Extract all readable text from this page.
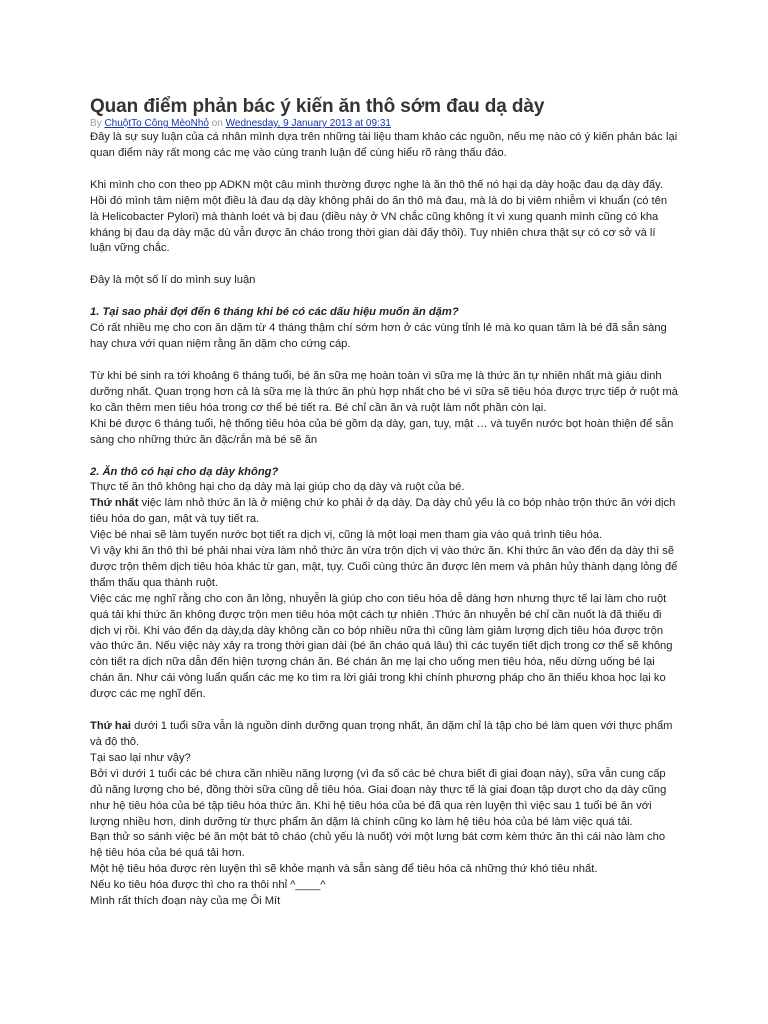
Quan điểm phản bác ý kiến ăn thô sớm đau dạ dày
By ChuộtTo Công MèoNhỏ on Wednesday, 9 January 2013 at 09:31

Đây là sự suy luận của cá nhân mình dựa trên những tài liệu tham khảo các nguồn, nếu mẹ nào có ý kiến phản bác lại quan điểm này rất mong các mẹ vào cùng tranh luận để cùng hiểu rõ ràng thấu đáo.

Khi mình cho con theo pp ADKN một câu mình thường được nghe là ăn thô thế nó hại dạ dày hoặc đau dạ dày đấy. Hồi đó mình tâm niệm một điều là đau dạ dày không phải do ăn thô mà đau, mà là do bị viêm nhiễm vi khuẩn (có tên là Helicobacter Pylori) mà thành loét và bị đau (điều này ở VN chắc cũng không ít vì xung quanh mình cũng có kha kháng bị đau dạ dày mặc dù vẫn được ăn cháo trong thời gian dài đấy thôi). Tuy nhiên chưa thật sự có cơ sở và lí luận vững chắc.

Đây là một số lí do mình suy luận

1. Tại sao phải đợi đến 6 tháng khi bé có các dấu hiệu muốn ăn dặm?

Có rất nhiều mẹ cho con ăn dặm từ 4 tháng thậm chí sớm hơn ở các vùng tỉnh lẻ mà ko quan tâm là bé đã sẵn sàng hay chưa với quan niệm rằng ăn dặm cho cứng cáp.

Từ khi bé sinh ra tới khoảng 6 tháng tuổi, bé ăn sữa mẹ hoàn toàn vì sữa mẹ là thức ăn tự nhiên nhất mà giàu dinh dưỡng nhất. Quan trọng hơn cả là sữa mẹ là thức ăn phù hợp nhất cho bé vì sữa sẽ tiêu hóa được trực tiếp ở ruột mà ko cần thêm men tiêu hóa trong cơ thể bé tiết ra. Bé chỉ cần ăn và ruột làm nốt phần còn lại.

Khi bé được 6 tháng tuổi, hệ thống tiêu hóa của bé gồm dạ dày, gan, tụy, mật … và tuyến nước bọt hoàn thiện để sẵn sàng cho những thức ăn đặc/rắn mà bé sẽ ăn

2. Ăn thô có hại cho dạ dày không?

Thực tế ăn thô không hại cho dạ dày mà lại giúp cho dạ dày và ruột của bé.

Thứ nhất việc làm nhỏ thức ăn là ở miệng chứ ko phải ở dạ dày. Dạ dày chủ yếu là co bóp nhào trộn thức ăn với dịch tiêu hóa do gan, mật và tụy tiết ra.

Việc bé nhai sẽ làm tuyến nước bọt tiết ra dịch vị, cũng là một loại men tham gia vào quá trình tiêu hóa.

Vì vậy khi ăn thô thì bé phải nhai vừa làm nhỏ thức ăn vừa trộn dịch vị vào thức ăn. Khi thức ăn vào đến dạ dày thì sẽ được trộn thêm dịch tiêu hóa khác từ gan, mật, tụy. Cuối cùng thức ăn được lên mem và phân hủy thành dạng lỏng để thẩm thấu qua thành ruột.

Việc các mẹ nghĩ rằng cho con ăn lỏng, nhuyễn là giúp cho con tiêu hóa dễ dàng hơn nhưng thực tế lại làm cho ruột quá tải khi thức ăn không được trộn men tiêu hóa một cách tự nhiên .Thức ăn nhuyễn bé chỉ cần nuốt là đã thiếu đi dịch vị rồi. Khi vào đến dạ dày,dạ dày không cần co bóp nhiều nữa thì cũng làm giảm lượng dịch tiêu hóa được trộn vào thức ăn. Nếu việc này xảy ra trong thời gian dài (bé ăn cháo quá lâu) thì các tuyến tiết dịch trong cơ thể sẽ không còn tiết ra dịch nữa dẫn đến hiện tượng chán ăn. Bé chán ăn mẹ lại cho uống men tiêu hóa, nếu dừng uống bé lại chán ăn. Như cái vòng luẩn quẩn các mẹ ko tìm ra lời giải trong khi chính phương pháp cho ăn thiếu khoa học lại ko được các mẹ nghĩ đến.

Thứ hai dưới 1 tuổi sữa vẫn là nguồn dinh dưỡng quan trọng nhất, ăn dặm chỉ là tập cho bé làm quen với thực phẩm và độ thô.

Tại sao lại như vậy?

Bởi vì dưới 1 tuổi các bé chưa cần nhiều năng lượng (vì đa số các bé chưa biết đi giai đoạn này), sữa vẫn cung cấp đủ năng lượng cho bé, đồng thời sữa cũng dễ tiêu hóa. Giai đoạn này thực tế là giai đoạn tập dượt cho dạ dày cũng như hệ tiêu hóa của bé tập tiêu hóa thức ăn. Khi hệ tiêu hóa của bé đã qua rèn luyện thì việc sau 1 tuổi bé ăn với lượng nhiều hơn, dinh dưỡng từ thực phẩm ăn dặm là chính cũng ko làm hệ tiêu hóa của bé làm việc quá tải.

Bạn thử so sánh việc bé ăn một bát tô cháo (chủ yếu là nuốt) với một lưng bát cơm kèm thức ăn thì cái nào làm cho hệ tiêu hóa của bé quá tải hơn.

Một hệ tiêu hóa được rèn luyện thì sẽ khỏe mạnh và sẵn sàng để tiêu hóa cả những thứ khó tiêu nhất.

Nếu ko tiêu hóa được thì cho ra thôi nhỉ ^____^

Mình rất thích đoạn này của mẹ Ôi Mít
